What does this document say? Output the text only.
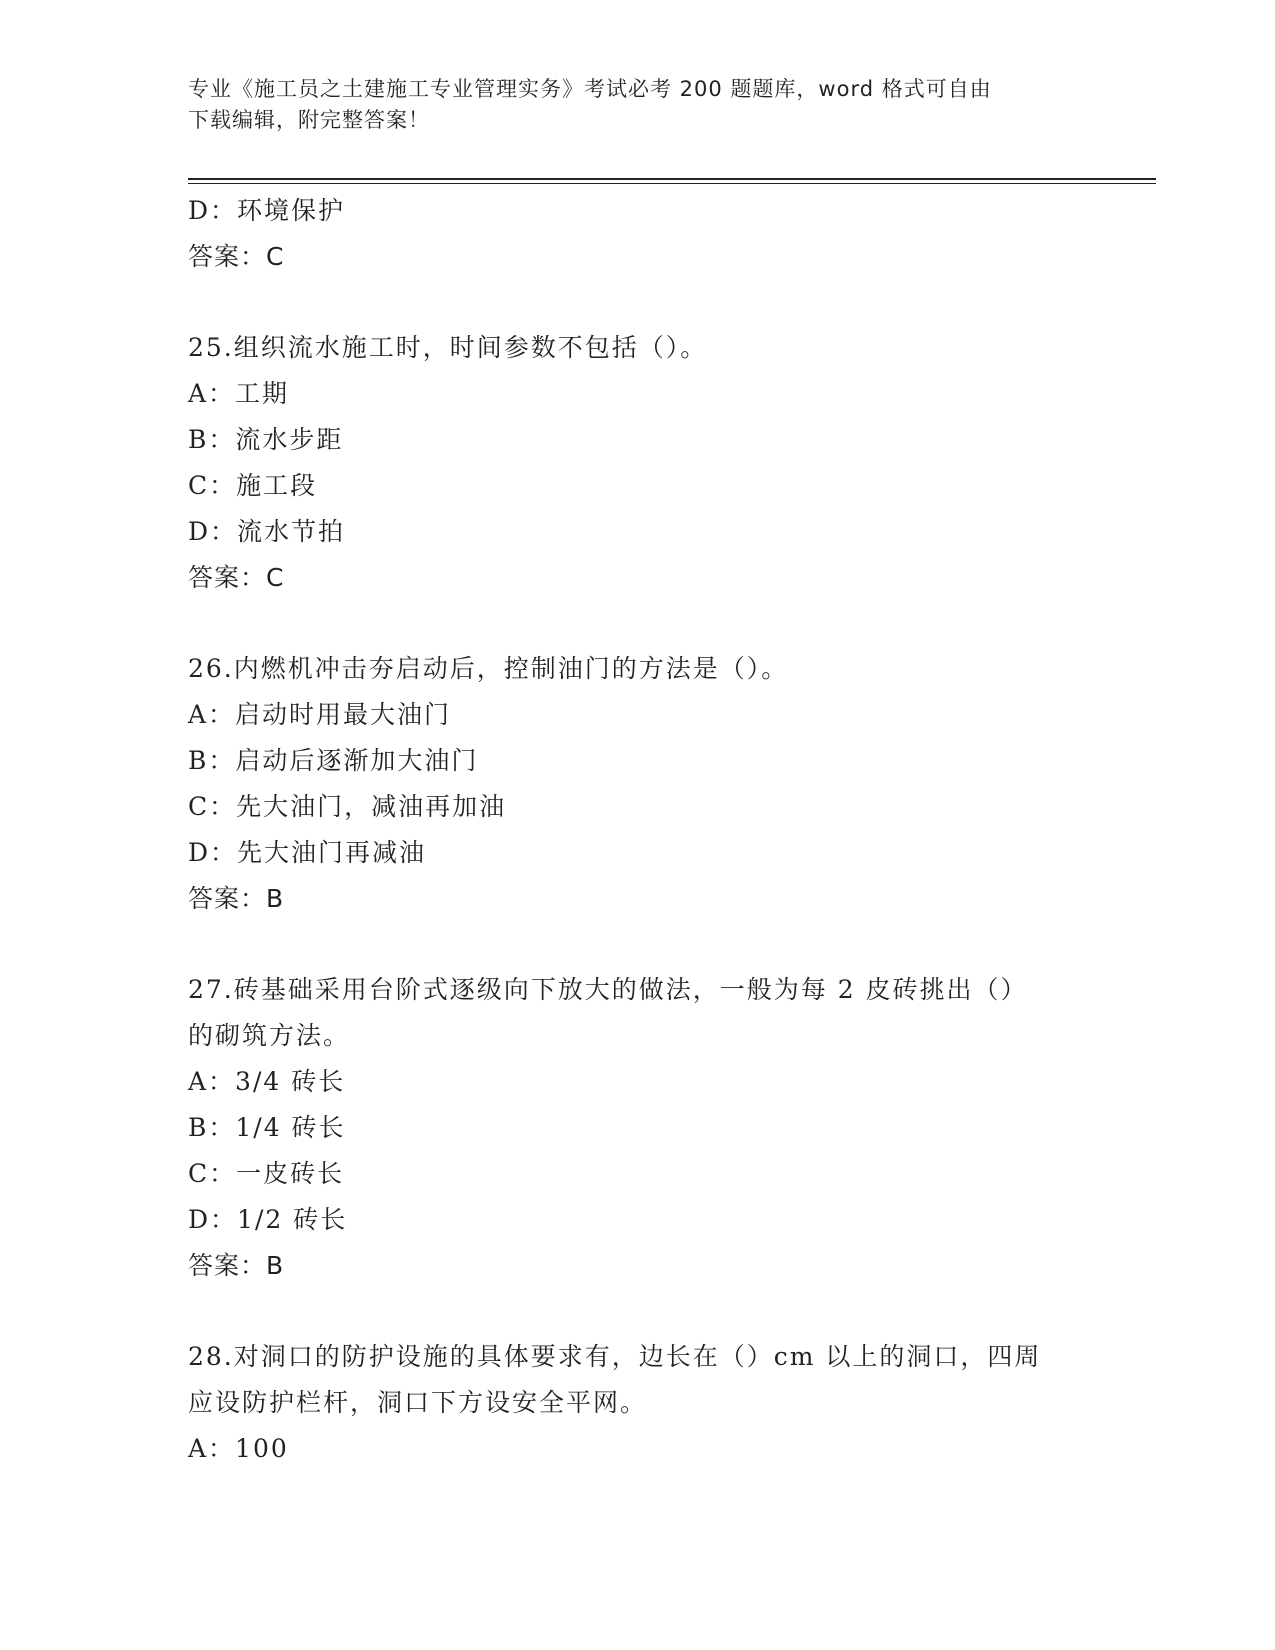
专业《施工员之土建施工专业管理实务》考试必考 200 题题库，word 格式可自由
下载编辑，附完整答案！
D：环境保护
答案：C
25.组织流水施工时，时间参数不包括（）。
A：工期
B：流水步距
C：施工段
D：流水节拍
答案：C
26.内燃机冲击夯启动后，控制油门的方法是（）。
A：启动时用最大油门
B：启动后逐渐加大油门
C：先大油门，减油再加油
D：先大油门再减油
答案：B
27.砖基础采用台阶式逐级向下放大的做法，一般为每 2 皮砖挑出（）
的砌筑方法。
A：3/4 砖长
B：1/4 砖长
C：一皮砖长
D：1/2 砖长
答案：B
28.对洞口的防护设施的具体要求有，边长在（）cm 以上的洞口，四周
应设防护栏杆，洞口下方设安全平网。
A：100
